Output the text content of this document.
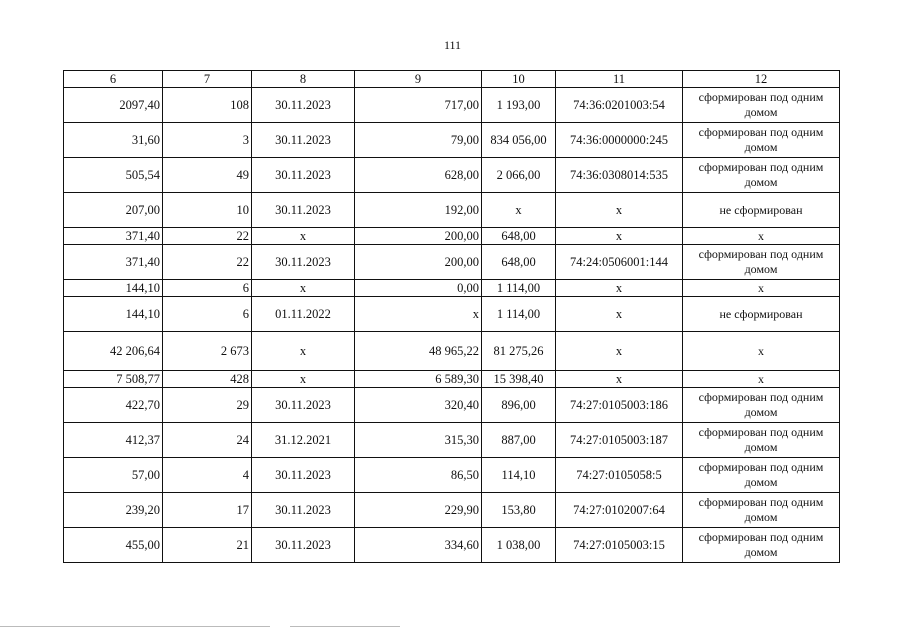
111
6	7	8	9	10	11	12
2097,40	108	30.11.2023	717,00	1 193,00	74:36:0201003:54	сформирован под одним домом
31,60	3	30.11.2023	79,00	834 056,00	74:36:0000000:245	сформирован под одним домом
505,54	49	30.11.2023	628,00	2 066,00	74:36:0308014:535	сформирован под одним домом
207,00	10	30.11.2023	192,00	x	x	не сформирован
371,40	22	x	200,00	648,00	x	x
371,40	22	30.11.2023	200,00	648,00	74:24:0506001:144	сформирован под одним домом
144,10	6	x	0,00	1 114,00	x	x
144,10	6	01.11.2022	x	1 114,00	x	не сформирован
42 206,64	2 673	x	48 965,22	81 275,26	x	x
7 508,77	428	x	6 589,30	15 398,40	x	x
422,70	29	30.11.2023	320,40	896,00	74:27:0105003:186	сформирован под одним домом
412,37	24	31.12.2021	315,30	887,00	74:27:0105003:187	сформирован под одним домом
57,00	4	30.11.2023	86,50	114,10	74:27:0105058:5	сформирован под одним домом
239,20	17	30.11.2023	229,90	153,80	74:27:0102007:64	сформирован под одним домом
455,00	21	30.11.2023	334,60	1 038,00	74:27:0105003:15	сформирован под одним домом
